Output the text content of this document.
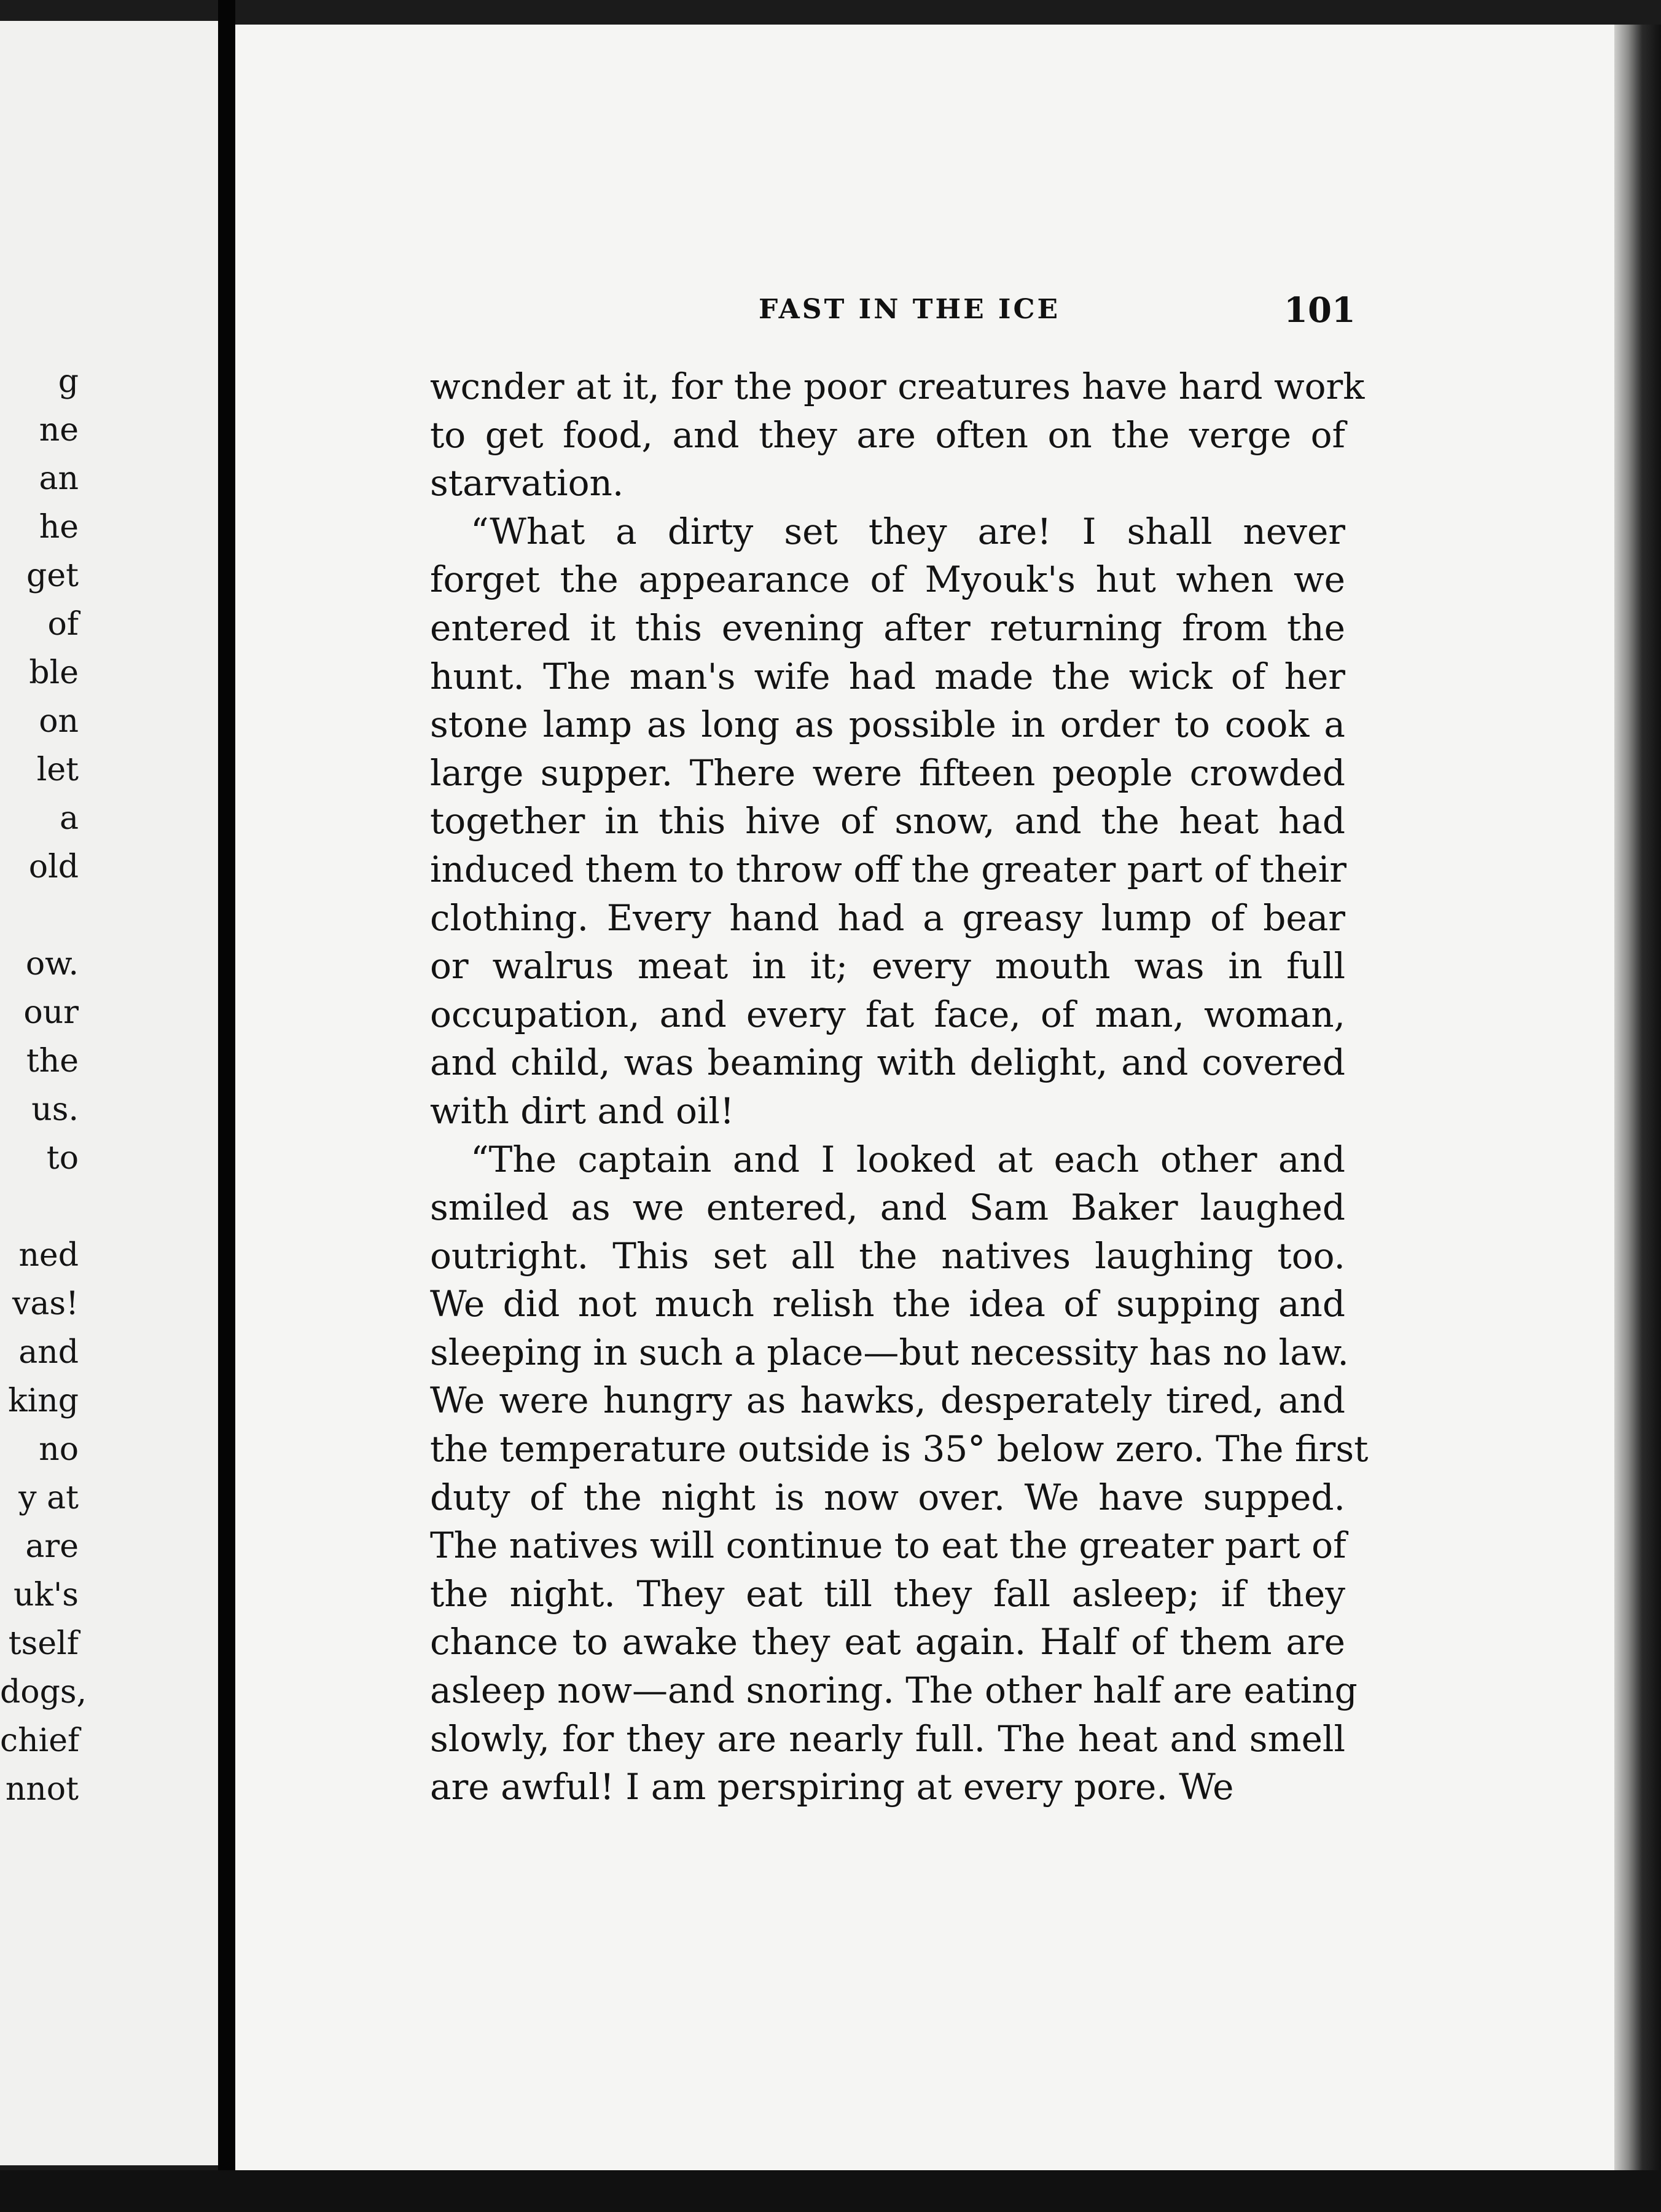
g
ne
an
he
get
of
ble
on
let
a
old
ow.
our
the
us.
to
ned
vas!
and
king
no
y at
are
uk's
tself
dogs,
chief
nnot
FAST IN THE ICE	101
wcnder at it, for the poor creatures have hard work
to get food, and they are often on the verge of
starvation.
“What a dirty set they are! I shall never
forget the appearance of Myouk's hut when we
entered it this evening after returning from the
hunt. The man's wife had made the wick of her
stone lamp as long as possible in order to cook a
large supper. There were fifteen people crowded
together in this hive of snow, and the heat had
induced them to throw off the greater part of their
clothing. Every hand had a greasy lump of bear
or walrus meat in it; every mouth was in full
occupation, and every fat face, of man, woman,
and child, was beaming with delight, and covered
with dirt and oil!
“The captain and I looked at each other and
smiled as we entered, and Sam Baker laughed
outright. This set all the natives laughing too.
We did not much relish the idea of supping and
sleeping in such a place—but necessity has no law.
We were hungry as hawks, desperately tired, and
the temperature outside is 35° below zero. The first
duty of the night is now over. We have supped.
The natives will continue to eat the greater part of
the night. They eat till they fall asleep; if they
chance to awake they eat again. Half of them are
asleep now—and snoring. The other half are eating
slowly, for they are nearly full. The heat and smell
are awful! I am perspiring at every pore. We
